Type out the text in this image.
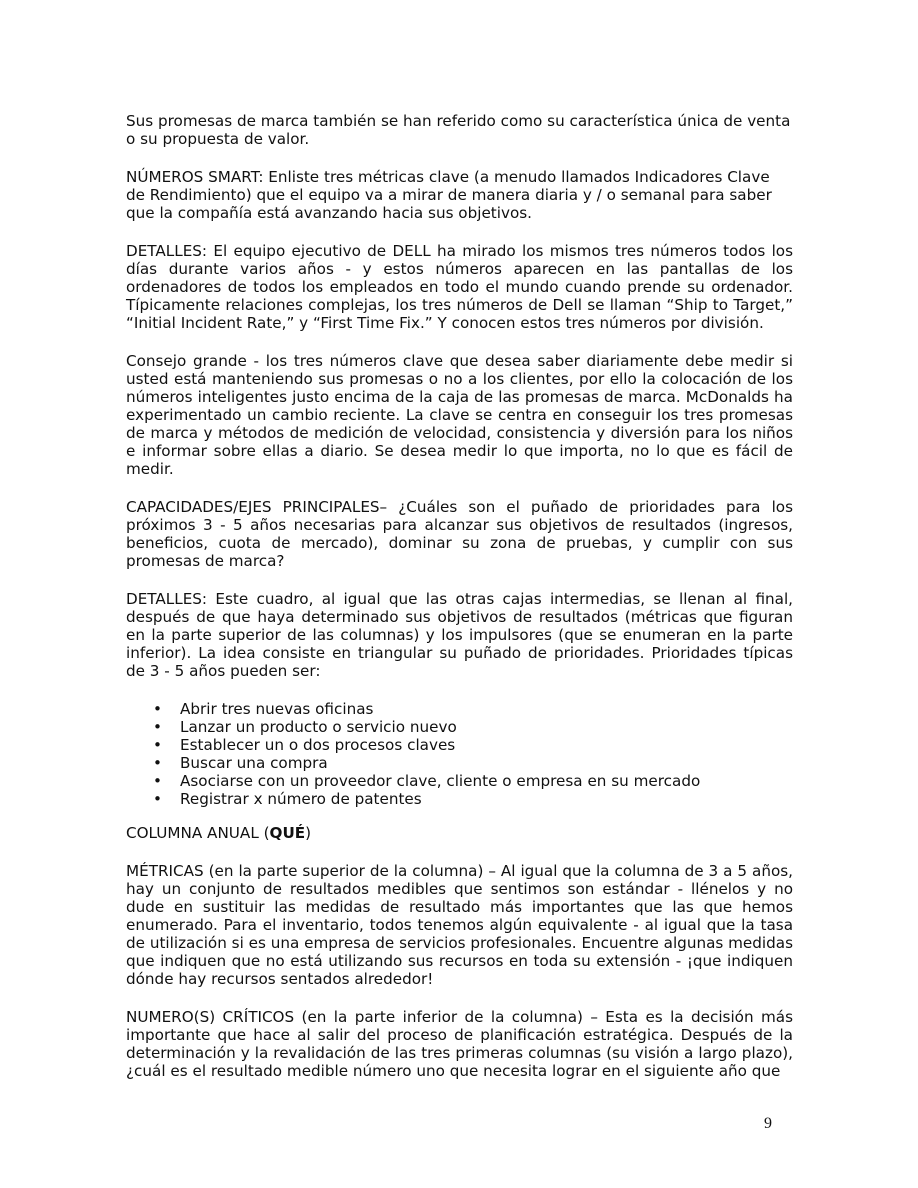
Sus promesas de marca también se han referido como su característica única de venta o su propuesta de valor.

NÚMEROS SMART: Enliste tres métricas clave (a menudo llamados Indicadores Clave de Rendimiento) que el equipo va a mirar de manera diaria y / o semanal para saber que la compañía está avanzando hacia sus objetivos.

DETALLES: El equipo ejecutivo de DELL ha mirado los mismos tres números todos los días durante varios años - y estos números aparecen en las pantallas de los ordenadores de todos los empleados en todo el mundo cuando prende su ordenador. Típicamente relaciones complejas, los tres números de Dell se llaman “Ship to Target,” “Initial Incident Rate,” y “First Time Fix.” Y conocen estos tres números por división.

Consejo grande - los tres números clave que desea saber diariamente debe medir si usted está manteniendo sus promesas o no a los clientes, por ello la colocación de los números inteligentes justo encima de la caja de las promesas de marca. McDonalds ha experimentado un cambio reciente. La clave se centra en conseguir los tres promesas de marca y métodos de medición de velocidad, consistencia y diversión para los niños e informar sobre ellas a diario. Se desea medir lo que importa, no lo que es fácil de medir.

CAPACIDADES/EJES PRINCIPALES– ¿Cuáles son el puñado de prioridades para los próximos 3 - 5 años necesarias para alcanzar sus objetivos de resultados (ingresos, beneficios, cuota de mercado), dominar su zona de pruebas, y cumplir con sus promesas de marca?

DETALLES: Este cuadro, al igual que las otras cajas intermedias, se llenan al final, después de que haya determinado sus objetivos de resultados (métricas que figuran en la parte superior de las columnas) y los impulsores (que se enumeran en la parte inferior). La idea consiste en triangular su puñado de prioridades. Prioridades típicas de 3 - 5 años pueden ser:

• Abrir tres nuevas oficinas
• Lanzar un producto o servicio nuevo
• Establecer un o dos procesos claves
• Buscar una compra
• Asociarse con un proveedor clave, cliente o empresa en su mercado
• Registrar x número de patentes

COLUMNA ANUAL (QUÉ)

MÉTRICAS (en la parte superior de la columna) – Al igual que la columna de 3 a 5 años, hay un conjunto de resultados medibles que sentimos son estándar - llénelos y no dude en sustituir las medidas de resultado más importantes que las que hemos enumerado. Para el inventario, todos tenemos algún equivalente - al igual que la tasa de utilización si es una empresa de servicios profesionales. Encuentre algunas medidas que indiquen que no está utilizando sus recursos en toda su extensión - ¡que indiquen dónde hay recursos sentados alrededor!

NUMERO(S) CRÍTICOS (en la parte inferior de la columna) – Esta es la decisión más importante que hace al salir del proceso de planificación estratégica. Después de la determinación y la revalidación de las tres primeras columnas (su visión a largo plazo), ¿cuál es el resultado medible número uno que necesita lograr en el siguiente año que

9
